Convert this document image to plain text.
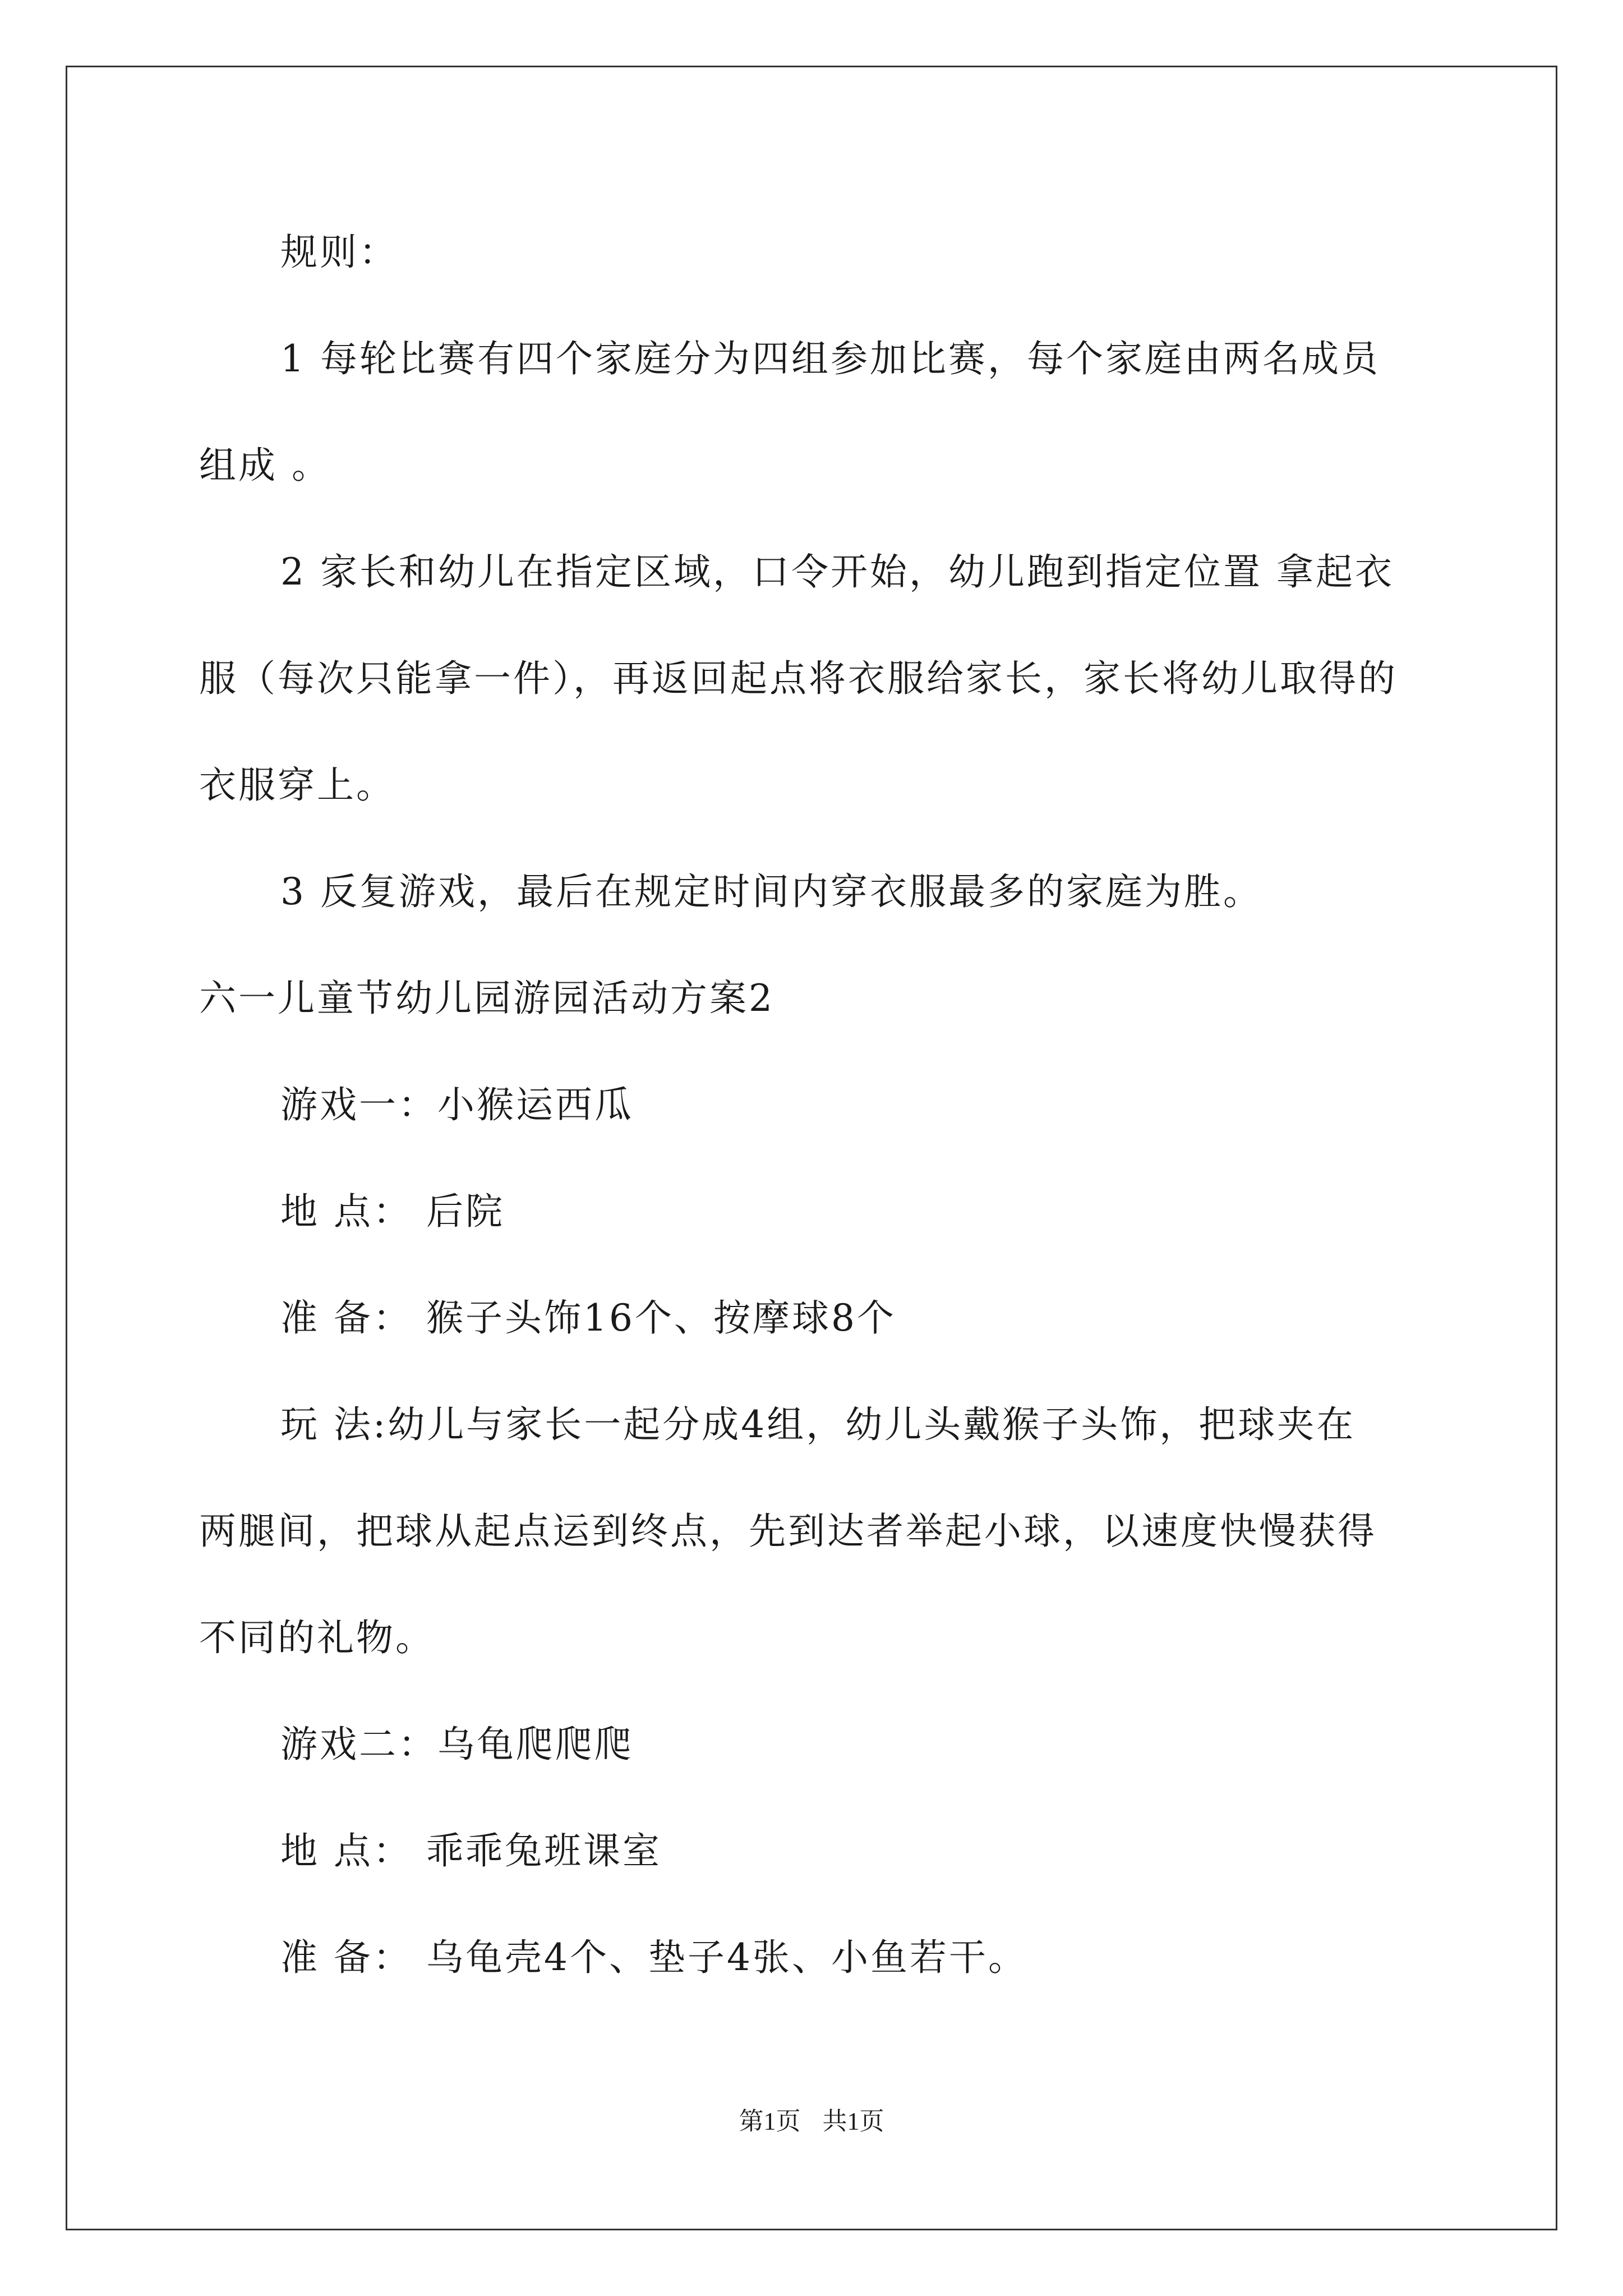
规则：
1 每轮比赛有四个家庭分为四组参加比赛，每个家庭由两名成员
组成 。
2 家长和幼儿在指定区域，口令开始，幼儿跑到指定位置 拿起衣
服（每次只能拿一件），再返回起点将衣服给家长，家长将幼儿取得的
衣服穿上。
3 反复游戏，最后在规定时间内穿衣服最多的家庭为胜。
六一儿童节幼儿园游园活动方案2
游戏一：小猴运西瓜
地 点： 后院
准 备： 猴子头饰16个、按摩球8个
玩 法:幼儿与家长一起分成4组，幼儿头戴猴子头饰，把球夹在
两腿间，把球从起点运到终点，先到达者举起小球，以速度快慢获得
不同的礼物。
游戏二：乌龟爬爬爬
地 点： 乖乖兔班课室
准 备： 乌龟壳4个、垫子4张、小鱼若干。
第1页 共1页
